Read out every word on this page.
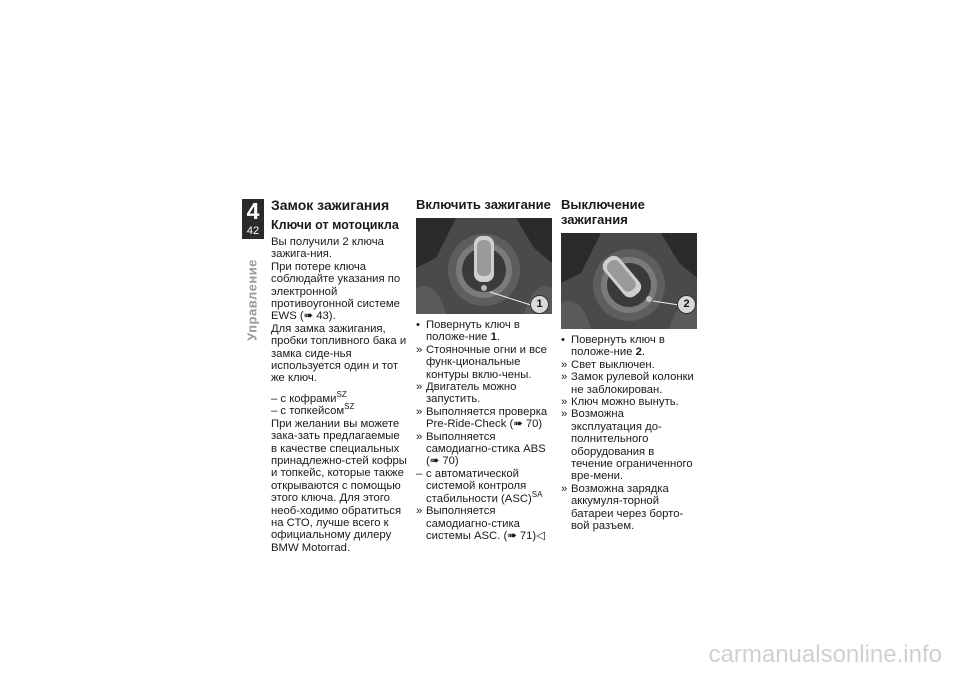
4
42
Управление
Замок зажигания
Ключи от мотоцикла

Вы получили 2 ключа зажига-ния.

При потере ключа соблюдайте указания по электронной противоугонной системе EWS (➠ 43).

Для замка зажигания, пробки топливного бака и замка сиде-нья используется один и тот же ключ.

– с кофрами$^{SZ}$

– с топкейсом$^{SZ}$

При желании вы можете зака-зать предлагаемые в качестве специальных принадлежно-стей кофры и топкейс, которые также открываются с помощью этого ключа. Для этого необ-ходимо обратиться на СТО, лучше всего к официальному дилеру BMW Motorrad.

Включить зажигание
1
• Повернуть ключ в положе-ние 1.
» Стояночные огни и все функ-циональные контуры вклю-чены.
» Двигатель можно запустить.
» Выполняется проверка Pre-Ride-Check (➠ 70)
» Выполняется самодиагно-стика ABS (➠ 70)
– с автоматической системой контроля стабильности (ASC)$^{SA}$
» Выполняется самодиагно-стика системы ASC. (➠ 71)◁
Выключение зажигания
2
• Повернуть ключ в положе-ние 2.
» Свет выключен.
» Замок рулевой колонки не заблокирован.
» Ключ можно вынуть.
» Возможна эксплуатация до-полнительного оборудования в течение ограниченного вре-мени.
» Возможна зарядка аккумуля-торной батареи через борто-вой разъем.
carmanualsonline.info
